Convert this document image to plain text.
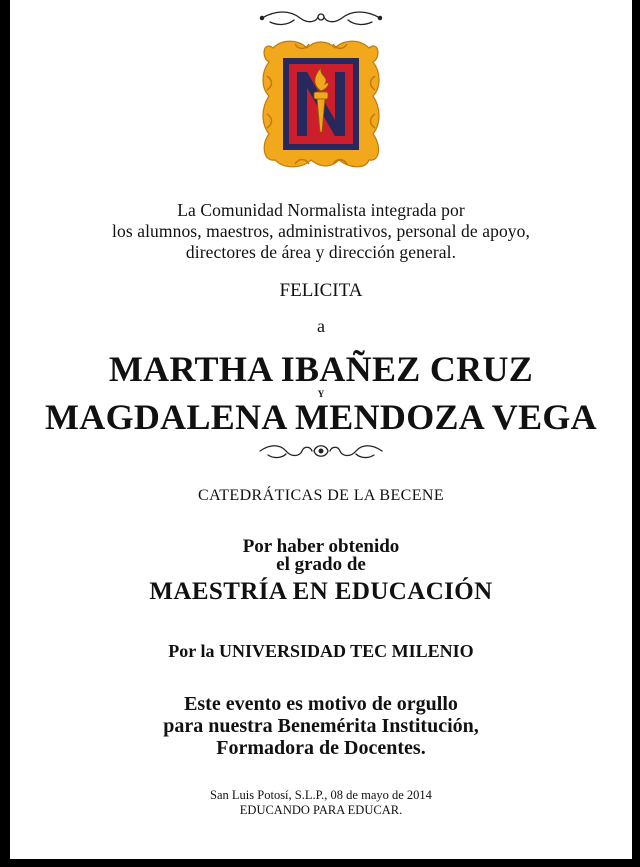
La Comunidad Normalista integrada por
los alumnos, maestros, administrativos, personal de apoyo,
directores de área y dirección general.
FELICITA
a
MARTHA IBAÑEZ CRUZ
Y
MAGDALENA MENDOZA VEGA
CATEDRÁTICAS DE LA BECENE
Por haber obtenido
el grado de
MAESTRÍA EN EDUCACIÓN
Por la UNIVERSIDAD TEC MILENIO
Este evento es motivo de orgullo
para nuestra Benemérita Institución,
Formadora de Docentes.
San Luis Potosí, S.L.P., 08 de mayo de 2014
EDUCANDO PARA EDUCAR.
